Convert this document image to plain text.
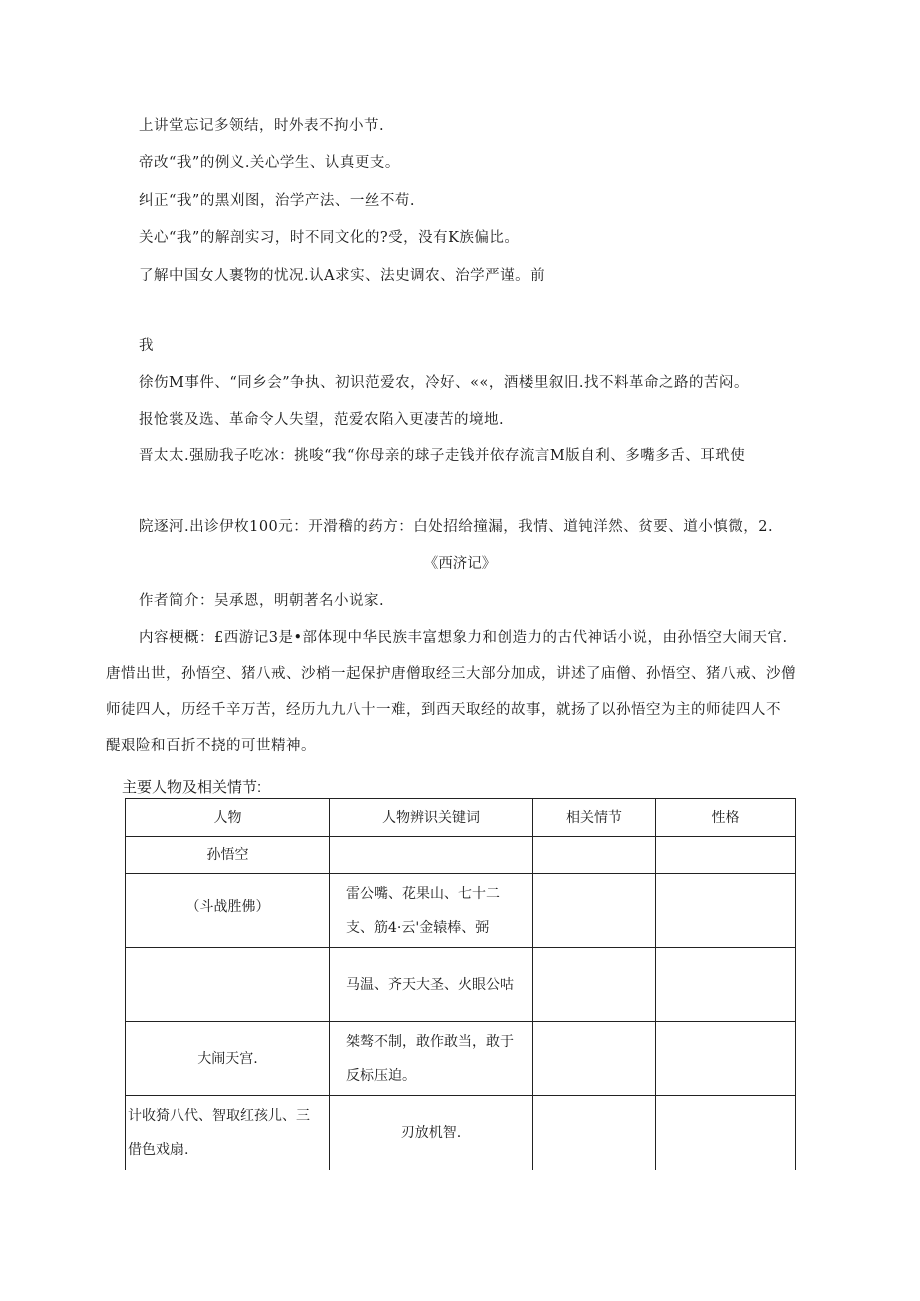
上讲堂忘记多领结，时外表不拘小节.
帝改“我”的例义.关心学生、认真更支。
纠正“我”的黑刈图，治学产法、一丝不苟.
关心“我”的解剖实习，时不同文化的?受，没有K族偏比。
了解中国女人裹物的忧况.认A求实、法史调农、治学严谨。前
我
徐伤M事件、“同乡会”争执、初识范爱农，冷好、««，酒楼里叙旧.找不料革命之路的苦闷。
报怆裳及选、革命令人失望，范爱农陷入更凄苦的境地.
晋太太.强励我子吃冰：挑唆“我“你母亲的球子走钱并依存流言M版自利、多嘴多舌、耳玳使
院逐河.出诊伊枚100元：开滑稽的药方：白处招给撞漏，我情、道钝洋然、贫要、道小慎微，2.
《西济记》
作者简介：吴承恩，明朝著名小说家.
内容梗概：£西游记3是•部体现中华民族丰富想象力和创造力的古代神话小说，由孙悟空大闹天官.
唐惜出世，孙悟空、猪八戒、沙梢一起保护唐僧取经三大部分加成，讲述了庙僧、孙悟空、猪八戒、沙僧
师徒四人，历经千辛万苦，经历九九八十一难，到西天取经的故事，就扬了以孙悟空为主的师徒四人不
醍艰险和百折不挠的可世精神。
主要人物及相关情节:
人物	人物辨识关键词	相关情节	性格
孙悟空			
（斗战胜佛）	雷公嘴、花果山、七十二支、筋4·云'金辕棒、弼		
	马温、齐天大圣、火眼公咕		
大闹天宫.	桀骜不制，敢作敢当，敢于反标压迫。		
计收猗八代、智取红孩儿、三借色戏扇.	刃放机智.		
